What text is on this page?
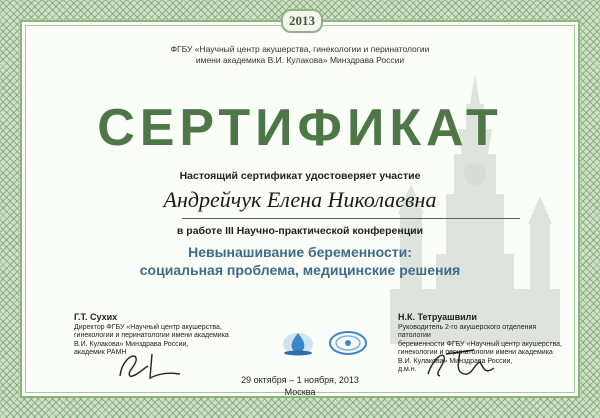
ФГБУ «Научный центр акушерства, гинекологии и перинатологии
имени академика В.И. Кулакова» Минздрава России
СЕРТИФИКАТ
Настоящий сертификат удостоверяет участие
Андрейчук Елена Николаевна
в работе III Научно-практической конференции
Невынашивание беременности:
социальная проблема, медицинские решения
Г.Т. Сухих
Директор ФГБУ «Научный центр акушерства,
гинекологии и перинатологии имени академика
В.И. Кулакова» Минздрава России,
академик РАМН
Н.К. Тетруашвили
Руководитель 2-го акушерского отделения патологии
беременности ФГБУ «Научный центр акушерства,
гинекологии и перинатологии имени академика
В.И. Кулакова» Минздрава России,
д.м.н.
29 октября – 1 ноября, 2013
Москва
2013
